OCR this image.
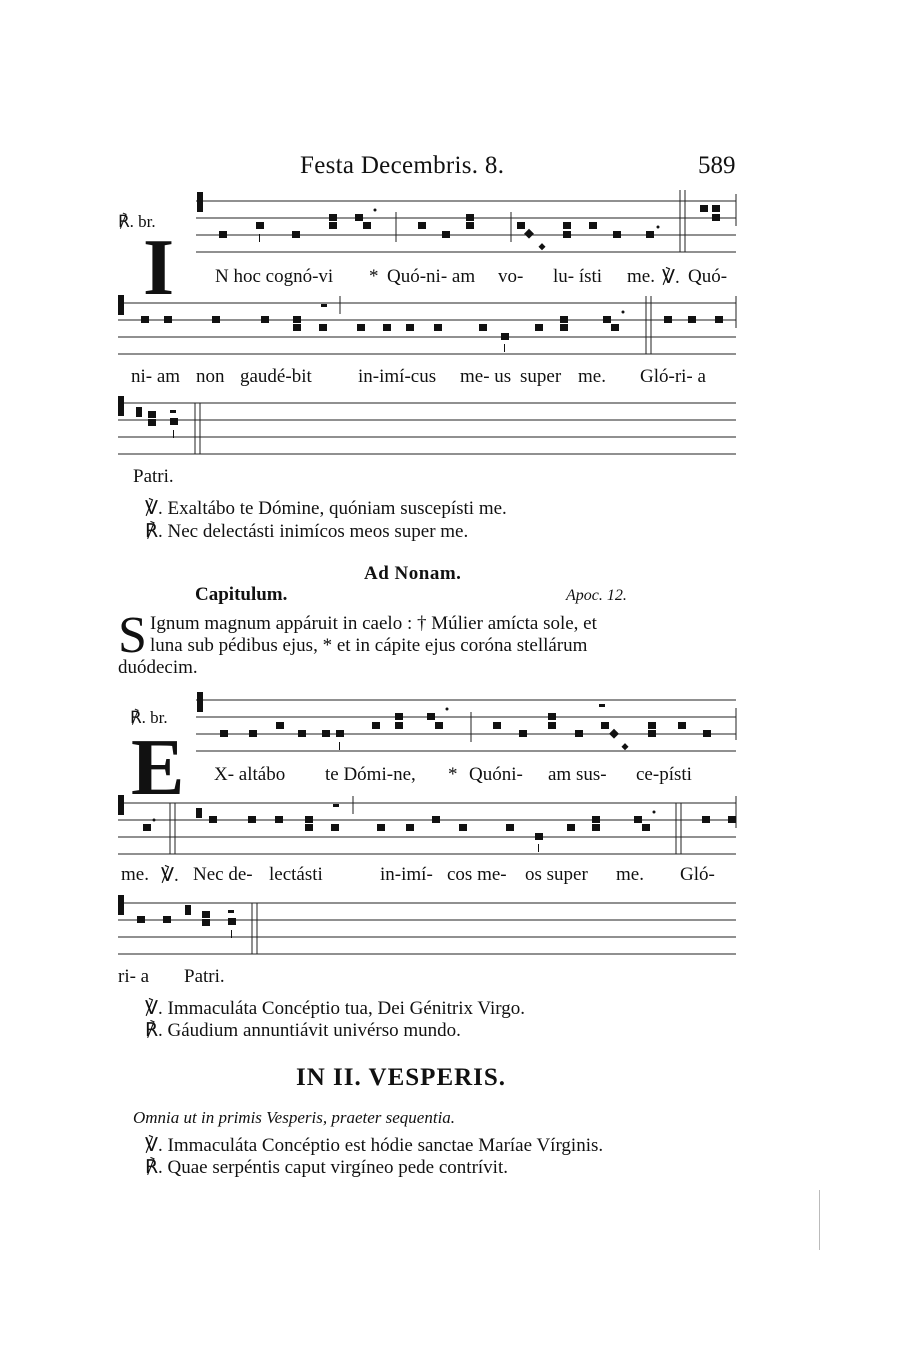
Festa Decembris. 8.	589
℟. br.
I N hoc cognó-vi * Quó-ni- am vo- lu- ísti me. ℣. Quó-
ni- am non gaudé-bit in-imí-cus me- us super me. Gló-ri- a
Patri.
℣. Exaltábo te Dómine, quóniam suscepísti me.
℟. Nec delectásti inimícos meos super me.
Ad Nonam.
Capitulum.	Apoc. 12.
S Ignum magnum appáruit in caelo : † Múlier amícta sole, et
luna sub pédibus ejus, * et in cápite ejus coróna stellárum
duódecim.
℟. br.
E X- altábo te Dómi-ne, * Quóni- am sus- ce-písti
me. ℣. Nec de- lectásti	in-imí- cos me- os super me. Gló-
ri- a Patri.
℣. Immaculáta Concéptio tua, Dei Génitrix Virgo.
℟. Gáudium annuntiávit univérso mundo.
IN II. VESPERIS.
Omnia ut in primis Vesperis, praeter sequentia.
℣. Immaculáta Concéptio est hódie sanctae Maríae Vírginis.
℟. Quae serpéntis caput virgíneo pede contrívit.
